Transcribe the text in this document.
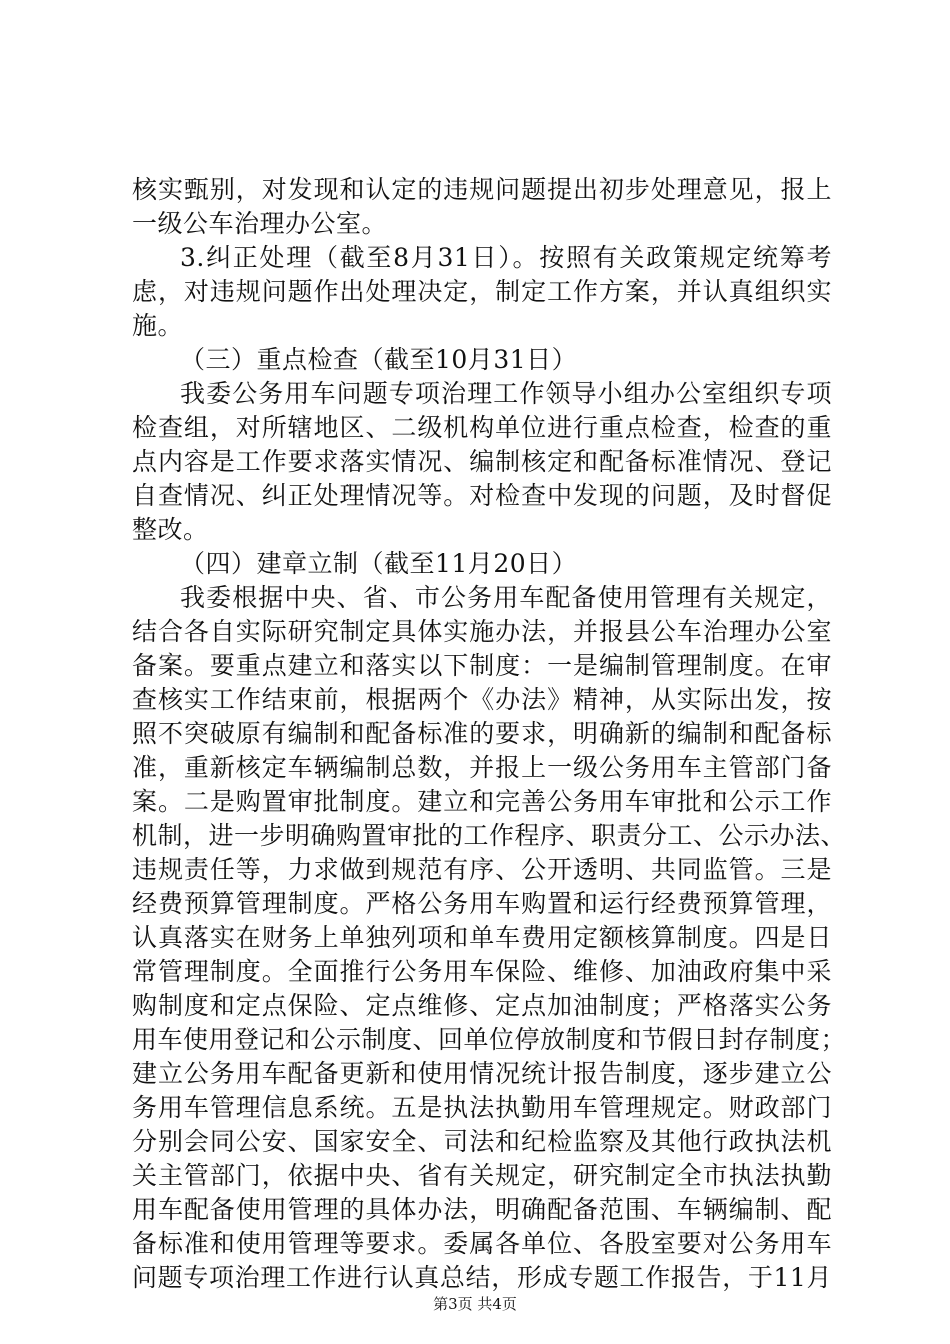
核实甄别，对发现和认定的违规问题提出初步处理意见，报上
一级公车治理办公室。
3.纠正处理（截至8月31日）。按照有关政策规定统筹考
虑，对违规问题作出处理决定，制定工作方案，并认真组织实
施。
（三）重点检查（截至10月31日）
我委公务用车问题专项治理工作领导小组办公室组织专项
检查组，对所辖地区、二级机构单位进行重点检查，检查的重
点内容是工作要求落实情况、编制核定和配备标准情况、登记
自查情况、纠正处理情况等。对检查中发现的问题，及时督促
整改。
（四）建章立制（截至11月20日）
我委根据中央、省、市公务用车配备使用管理有关规定，
结合各自实际研究制定具体实施办法，并报县公车治理办公室
备案。要重点建立和落实以下制度：一是编制管理制度。在审
查核实工作结束前，根据两个《办法》精神，从实际出发，按
照不突破原有编制和配备标准的要求，明确新的编制和配备标
准，重新核定车辆编制总数，并报上一级公务用车主管部门备
案。二是购置审批制度。建立和完善公务用车审批和公示工作
机制，进一步明确购置审批的工作程序、职责分工、公示办法、
违规责任等，力求做到规范有序、公开透明、共同监管。三是
经费预算管理制度。严格公务用车购置和运行经费预算管理，
认真落实在财务上单独列项和单车费用定额核算制度。四是日
常管理制度。全面推行公务用车保险、维修、加油政府集中采
购制度和定点保险、定点维修、定点加油制度；严格落实公务
用车使用登记和公示制度、回单位停放制度和节假日封存制度；
建立公务用车配备更新和使用情况统计报告制度，逐步建立公
务用车管理信息系统。五是执法执勤用车管理规定。财政部门
分别会同公安、国家安全、司法和纪检监察及其他行政执法机
关主管部门，依据中央、省有关规定，研究制定全市执法执勤
用车配备使用管理的具体办法，明确配备范围、车辆编制、配
备标准和使用管理等要求。委属各单位、各股室要对公务用车
问题专项治理工作进行认真总结，形成专题工作报告，于11月
第3页 共4页
